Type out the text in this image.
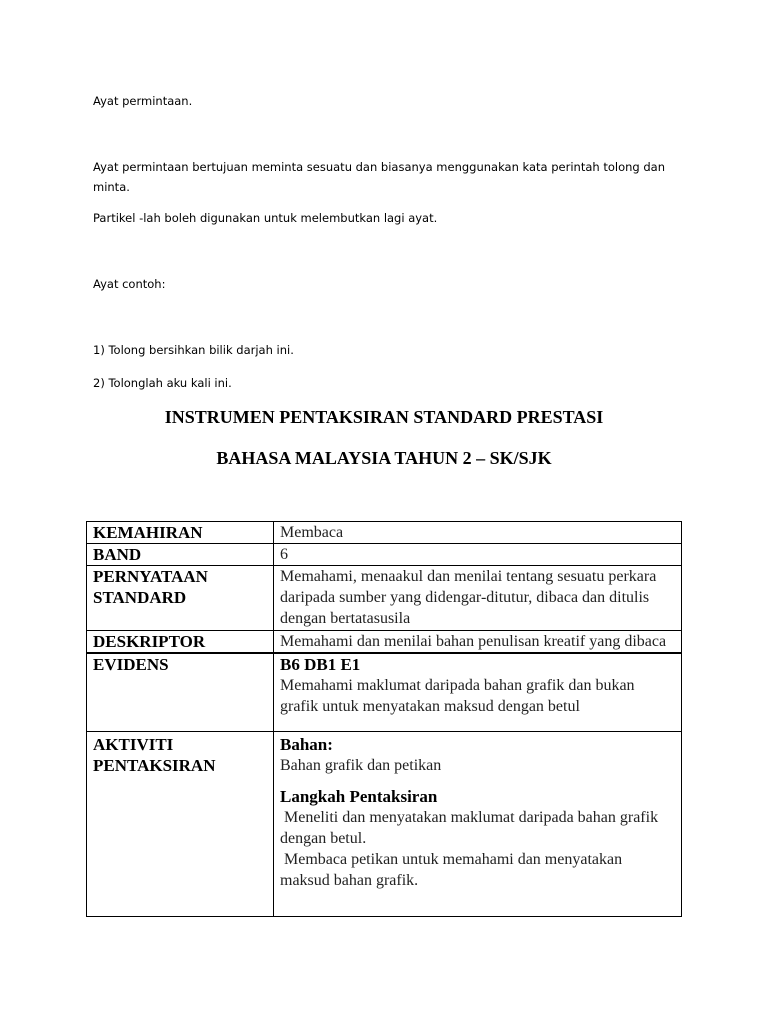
Ayat permintaan.
Ayat permintaan bertujuan meminta sesuatu dan biasanya menggunakan kata perintah tolong dan minta.
Partikel -lah boleh digunakan untuk melembutkan lagi ayat.
Ayat contoh:
1) Tolong bersihkan bilik darjah ini.
2) Tolonglah aku kali ini.
INSTRUMEN PENTAKSIRAN STANDARD PRESTASI
BAHASA MALAYSIA TAHUN 2 – SK/SJK
KEMAHIRAN	Membaca
BAND	6
PERNYATAAN STANDARD	Memahami, menaakul dan menilai tentang sesuatu perkara daripada sumber yang didengar-ditutur, dibaca dan ditulis dengan bertatasusila
DESKRIPTOR	Memahami dan menilai bahan penulisan kreatif yang dibaca
EVIDENS	B6 DB1 E1
Memahami maklumat daripada bahan grafik dan bukan grafik untuk menyatakan maksud dengan betul

AKTIVITI PENTAKSIRAN	Bahan:
Bahan grafik dan petikan
Langkah Pentaksiran
Meneliti dan menyatakan maklumat daripada bahan grafik dengan betul.
Membaca petikan untuk memahami dan menyatakan maksud bahan grafik.
